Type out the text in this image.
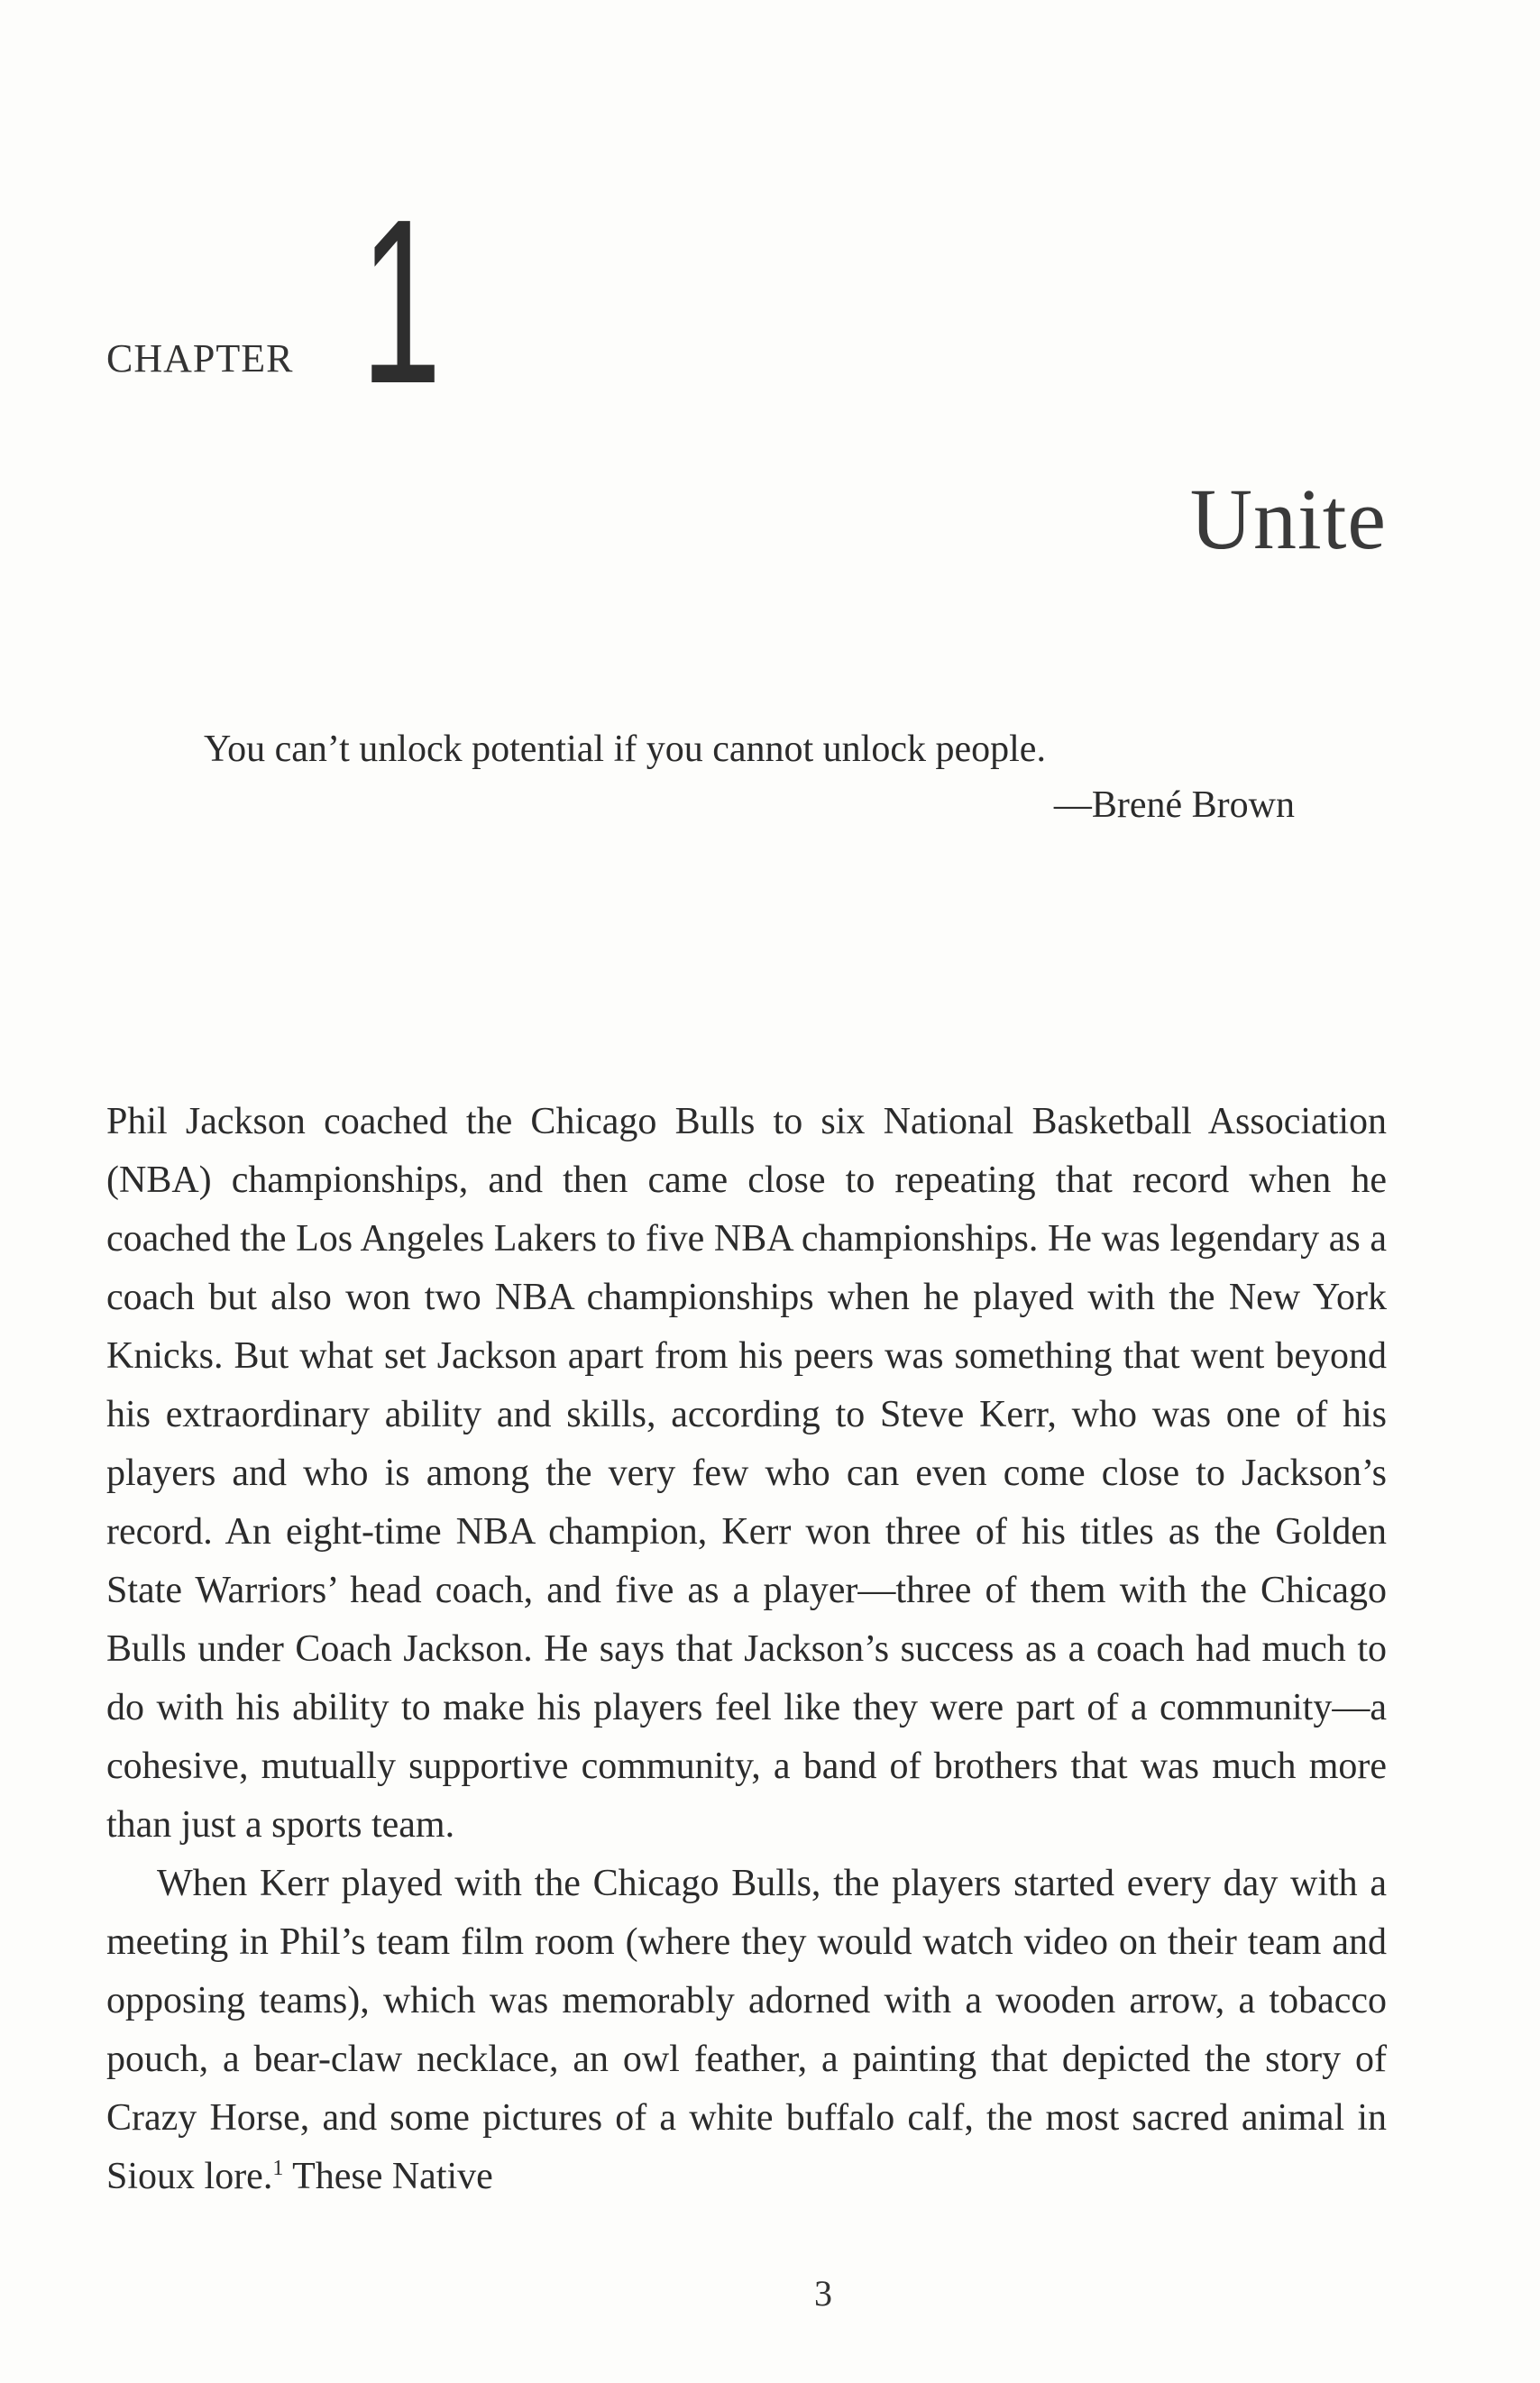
CHAPTER 1
Unite
You can’t unlock potential if you cannot unlock people.
—Brené Brown

Phil Jackson coached the Chicago Bulls to six National Basketball Association (NBA) championships, and then came close to repeating that record when he coached the Los Angeles Lakers to five NBA championships. He was legendary as a coach but also won two NBA championships when he played with the New York Knicks. But what set Jackson apart from his peers was something that went beyond his extraordinary ability and skills, according to Steve Kerr, who was one of his players and who is among the very few who can even come close to Jackson’s record. An eight-time NBA champion, Kerr won three of his titles as the Golden State Warriors’ head coach, and five as a player—three of them with the Chicago Bulls under Coach Jackson. He says that Jackson’s success as a coach had much to do with his ability to make his players feel like they were part of a community—a cohesive, mutually supportive community, a band of brothers that was much more than just a sports team.

When Kerr played with the Chicago Bulls, the players started every day with a meeting in Phil’s team film room (where they would watch video on their team and opposing teams), which was memorably adorned with a wooden arrow, a tobacco pouch, a bear-claw necklace, an owl feather, a painting that depicted the story of Crazy Horse, and some pictures of a white buffalo calf, the most sacred animal in Sioux lore.$^1$ These Native

3
